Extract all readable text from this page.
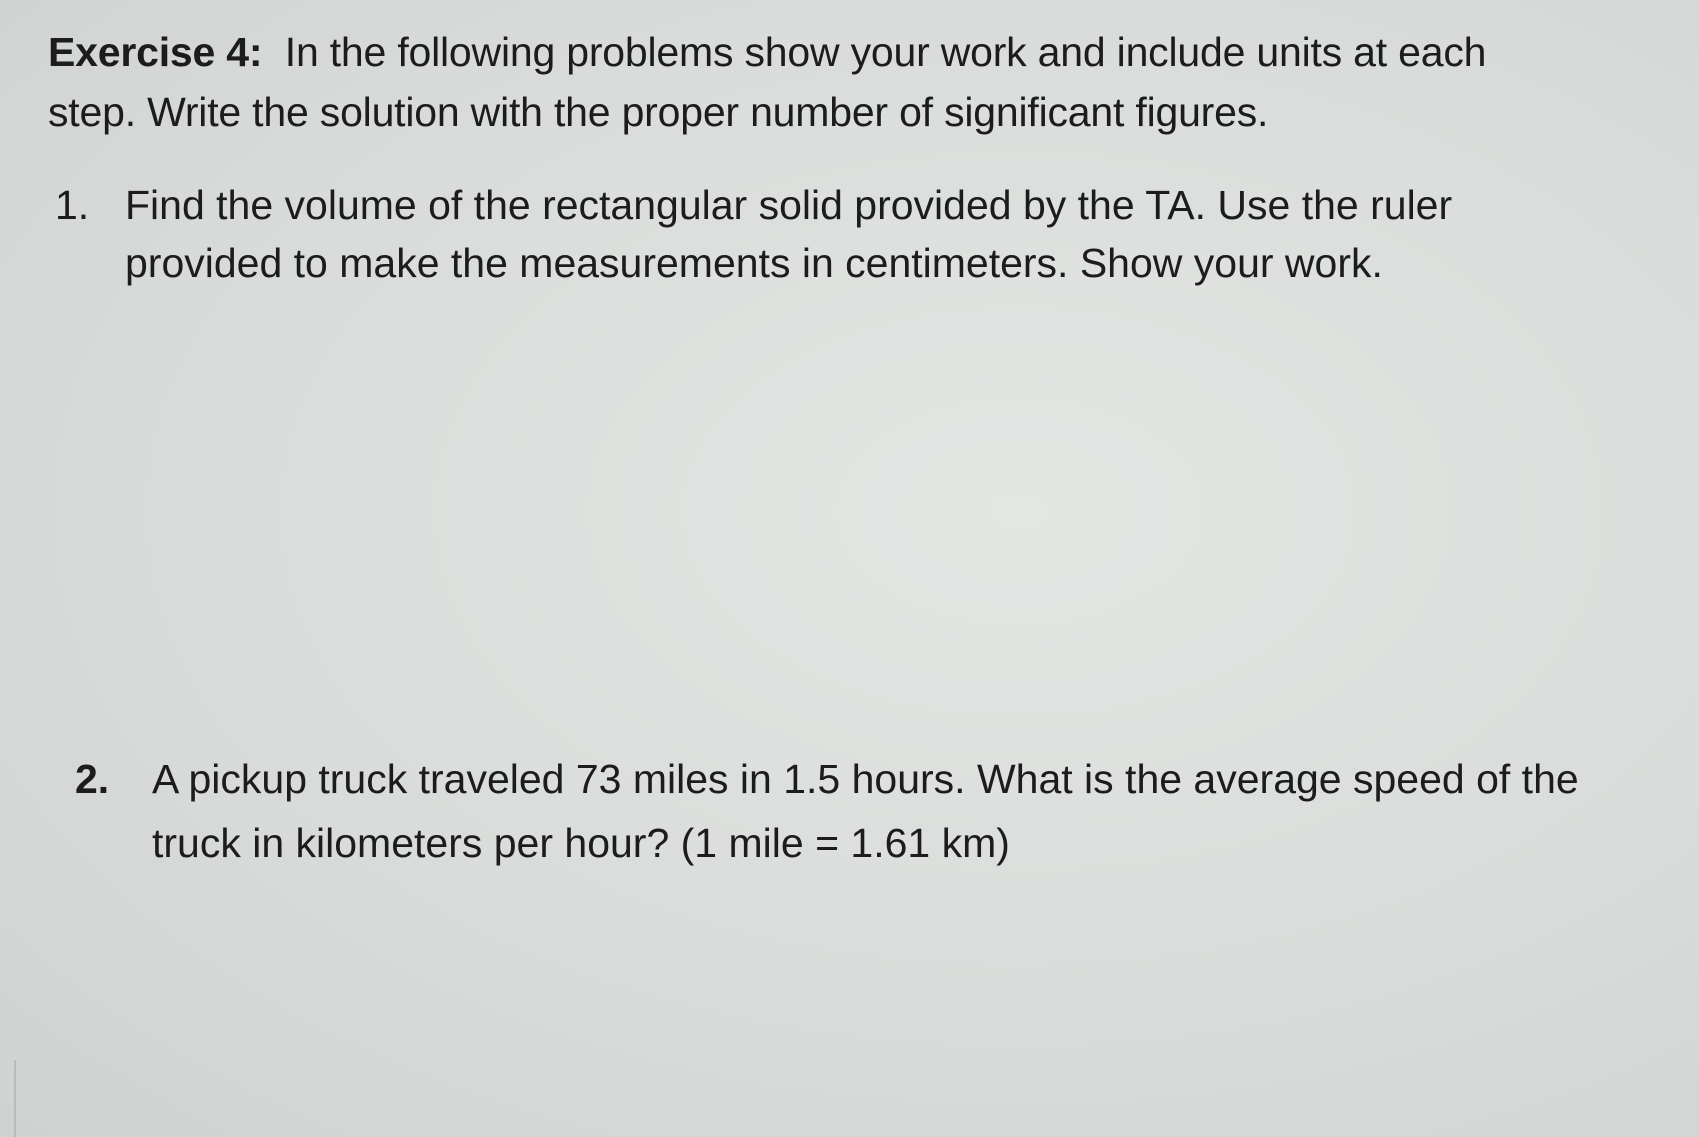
Exercise 4: In the following problems show your work and include units at each
step. Write the solution with the proper number of significant figures.
1. Find the volume of the rectangular solid provided by the TA. Use the ruler
provided to make the measurements in centimeters. Show your work.
2. A pickup truck traveled 73 miles in 1.5 hours. What is the average speed of the
truck in kilometers per hour? (1 mile = 1.61 km)
